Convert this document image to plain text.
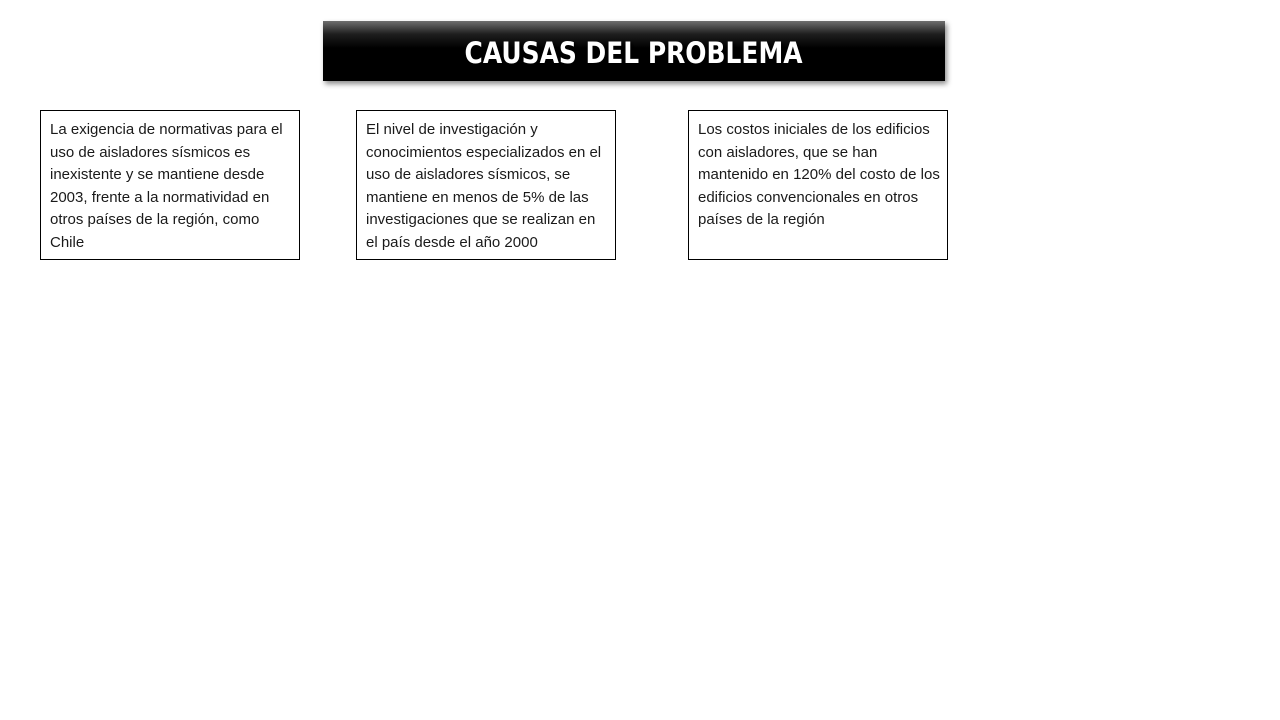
CAUSAS DEL PROBLEMA
La exigencia de normativas para el uso de aisladores sísmicos es inexistente y se mantiene desde 2003, frente a la normatividad en otros países de la región, como Chile
El nivel de investigación y conocimientos especializados en el uso de aisladores sísmicos, se mantiene en menos de 5% de las investigaciones que se realizan en el país desde el año 2000
Los costos iniciales de los edificios con aisladores, que se han mantenido en 120% del costo de los edificios convencionales en otros países de la región
